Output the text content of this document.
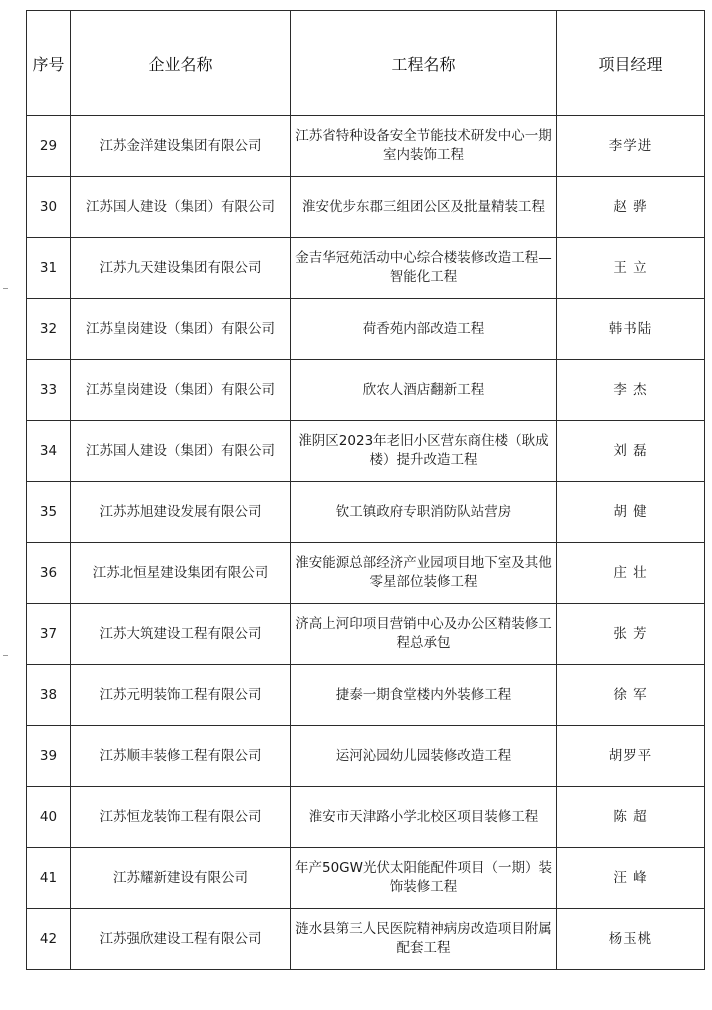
序号	企业名称	工程名称	项目经理
29	江苏金洋建设集团有限公司	江苏省特种设备安全节能技术研发中心一期室内装饰工程	李学进
30	江苏国人建设（集团）有限公司	淮安优步东郡三组团公区及批量精装工程	赵 骅
31	江苏九天建设集团有限公司	金吉华冠苑活动中心综合楼装修改造工程—智能化工程	王 立
32	江苏皇岗建设（集团）有限公司	荷香苑内部改造工程	韩书陆
33	江苏皇岗建设（集团）有限公司	欣农人酒店翻新工程	李 杰
34	江苏国人建设（集团）有限公司	淮阴区2023年老旧小区营东商住楼（耿成楼）提升改造工程	刘 磊
35	江苏苏旭建设发展有限公司	钦工镇政府专职消防队站营房	胡 健
36	江苏北恒星建设集团有限公司	淮安能源总部经济产业园项目地下室及其他零星部位装修工程	庄 壮
37	江苏大筑建设工程有限公司	济高上河印项目营销中心及办公区精装修工程总承包	张 芳
38	江苏元明装饰工程有限公司	捷泰一期食堂楼内外装修工程	徐 军
39	江苏顺丰装修工程有限公司	运河沁园幼儿园装修改造工程	胡罗平
40	江苏恒龙装饰工程有限公司	淮安市天津路小学北校区项目装修工程	陈 超
41	江苏耀新建设有限公司	年产50GW光伏太阳能配件项目（一期）装饰装修工程	汪 峰
42	江苏强欣建设工程有限公司	涟水县第三人民医院精神病房改造项目附属配套工程	杨玉桃
